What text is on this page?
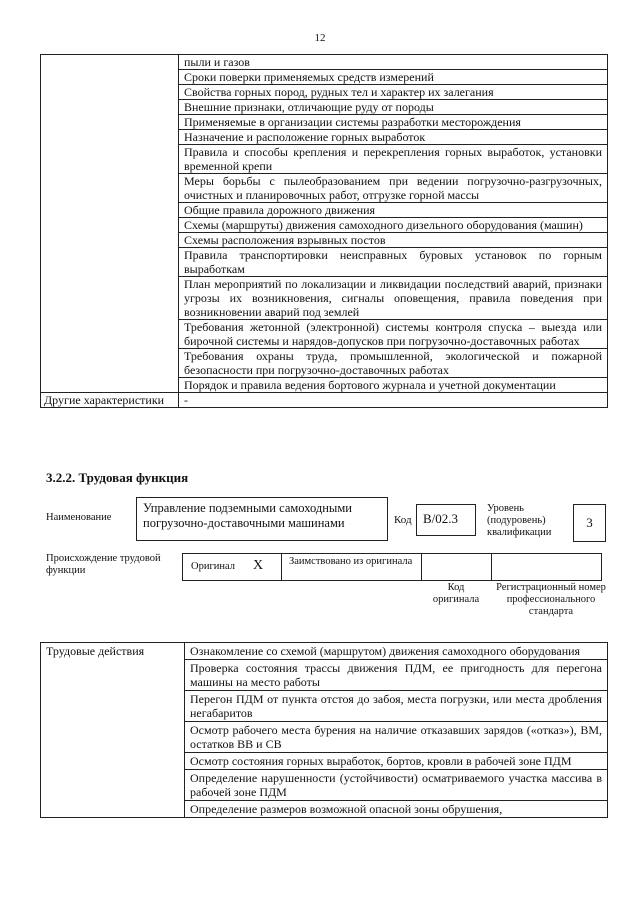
12
	пыли и газов
	Сроки поверки применяемых средств измерений
	Свойства горных пород, рудных тел и характер их залегания
	Внешние признаки, отличающие руду от породы
	Применяемые в организации системы разработки месторождения
	Назначение и расположение горных выработок
	Правила и способы крепления и перекрепления горных выработок, установки временной крепи
	Меры борьбы с пылеобразованием при ведении погрузочно-разгрузочных, очистных и планировочных работ, отгрузке горной массы
	Общие правила дорожного движения
	Схемы (маршруты) движения самоходного дизельного оборудования (машин)
	Схемы расположения взрывных постов
	Правила транспортировки неисправных буровых установок по горным выработкам
	План мероприятий по локализации и ликвидации последствий аварий, признаки угрозы их возникновения, сигналы оповещения, правила поведения при возникновении аварий под землей
	Требования жетонной (электронной) системы контроля спуска – выезда или бирочной системы и нарядов-допусков при погрузочно-доставочных работах
	Требования охраны труда, промышленной, экологической и пожарной безопасности при погрузочно-доставочных работах
	Порядок и правила ведения бортового журнала и учетной документации
Другие характеристики	-
3.2.2. Трудовая функция
Наименование
Управление подземными самоходными погрузочно-доставочными машинами	Код B/02.3
Уровень (подуровень) квалификации
3
Происхождение трудовой функции	Оригинал X Заимствовано из оригинала
Код оригинала
Регистрационный номер профессионального стандарта
Трудовые действия	Ознакомление со схемой (маршрутом) движения самоходного оборудования
Проверка состояния трассы движения ПДМ, ее пригодность для перегона машины на место работы
Перегон ПДМ от пункта отстоя до забоя, места погрузки, или места дробления негабаритов
Осмотр рабочего места бурения на наличие отказавших зарядов («отказ»), ВМ, остатков ВВ и СВ
Осмотр состояния горных выработок, бортов, кровли в рабочей зоне ПДМ
Определение нарушенности (устойчивости) осматриваемого участка массива в рабочей зоне ПДМ
Определение размеров возможной опасной зоны обрушения,
